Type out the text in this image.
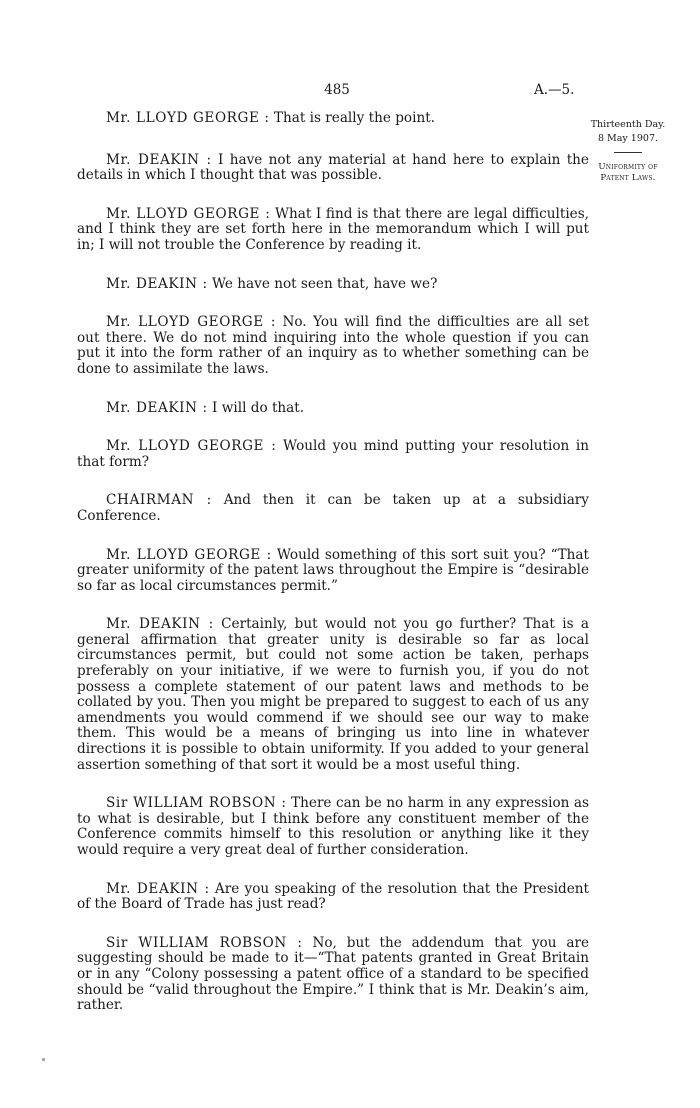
485	A.—5.
Thirteenth Day.
8 May 1907.
Uniformity of
Patent Laws.

Mr. LLOYD GEORGE : That is really the point.

Mr. DEAKIN : I have not any material at hand here to explain the details in which I thought that was possible.

Mr. LLOYD GEORGE : What I find is that there are legal difficulties, and I think they are set forth here in the memorandum which I will put in; I will not trouble the Conference by reading it.

Mr. DEAKIN : We have not seen that, have we?

Mr. LLOYD GEORGE : No. You will find the difficulties are all set out there. We do not mind inquiring into the whole question if you can put it into the form rather of an inquiry as to whether something can be done to assimilate the laws.

Mr. DEAKIN : I will do that.

Mr. LLOYD GEORGE : Would you mind putting your resolution in that form?

CHAIRMAN : And then it can be taken up at a subsidiary Conference.

Mr. LLOYD GEORGE : Would something of this sort suit you? “That greater uniformity of the patent laws throughout the Empire is “desirable so far as local circumstances permit.”

Mr. DEAKIN : Certainly, but would not you go further? That is a general affirmation that greater unity is desirable so far as local circumstances permit, but could not some action be taken, perhaps preferably on your initiative, if we were to furnish you, if you do not possess a complete statement of our patent laws and methods to be collated by you. Then you might be prepared to suggest to each of us any amendments you would commend if we should see our way to make them. This would be a means of bringing us into line in whatever directions it is possible to obtain uniformity. If you added to your general assertion something of that sort it would be a most useful thing.

Sir WILLIAM ROBSON : There can be no harm in any expression as to what is desirable, but I think before any constituent member of the Conference commits himself to this resolution or anything like it they would require a very great deal of further consideration.

Mr. DEAKIN : Are you speaking of the resolution that the President of the Board of Trade has just read?

Sir WILLIAM ROBSON : No, but the addendum that you are suggesting should be made to it—“That patents granted in Great Britain or in any “Colony possessing a patent office of a standard to be specified should be “valid throughout the Empire.” I think that is Mr. Deakin’s aim, rather.
